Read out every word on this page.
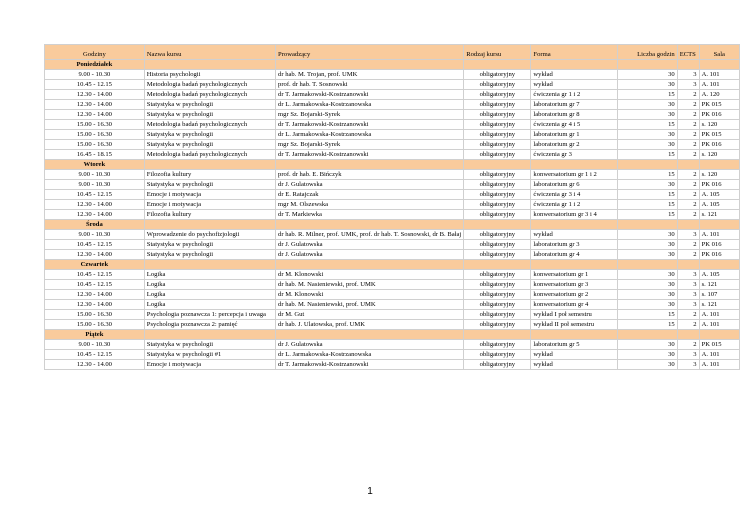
Godziny	Nazwa kursu	Prowadzący	Rodzaj kursu	Forma	Liczba godzin	ECTS	Sala
Poniedziałek							
9.00 - 10.30	Historia psychologii	dr hab. M. Trojan, prof. UMK	obligatoryjny	wykład	30	3	A. 101
10.45 - 12.15	Metodologia badań psychologicznych	prof. dr hab. T. Sosnowski	obligatoryjny	wykład	30	3	A. 101
12.30 - 14.00	Metodologia badań psychologicznych	dr T. Jarmakowski-Kostrzanowski	obligatoryjny	ćwiczenia gr 1 i 2	15	2	A. 120
12.30 - 14.00	Statystyka w psychologii	dr L. Jarmakowska-Kostrzanowska	obligatoryjny	laboratorium gr 7	30	2	PK 015
12.30 - 14.00	Statystyka w psychologii	mgr Sz. Bojarski-Syrek	obligatoryjny	laboratorium gr 8	30	2	PK 016
15.00 - 16.30	Metodologia badań psychologicznych	dr T. Jarmakowski-Kostrzanowski	obligatoryjny	ćwiczenia gr 4 i 5	15	2	s. 120
15.00 - 16.30	Statystyka w psychologii	dr L. Jarmakowska-Kostrzanowska	obligatoryjny	laboratorium gr 1	30	2	PK 015
15.00 - 16.30	Statystyka w psychologii	mgr Sz. Bojarski-Syrek	obligatoryjny	laboratorium gr 2	30	2	PK 016
16.45 - 18.15	Metodologia badań psychologicznych	dr T. Jarmakowski-Kostrzanowski	obligatoryjny	ćwiczenia gr 3	15	2	s. 120
Wtorek							
9.00 - 10.30	Filozofia kultury	prof. dr hab. E. Bińczyk	obligatoryjny	konwersatorium gr 1 i 2	15	2	s. 120
9.00 - 10.30	Statystyka w psychologii	dr J. Gulatowska	obligatoryjny	laboratorium gr 6	30	2	PK 016
10.45 - 12.15	Emocje i motywacja	dr E. Ratajczak	obligatoryjny	ćwiczenia gr 3 i 4	15	2	A. 105
12.30 - 14.00	Emocje i motywacja	mgr M. Olszewska	obligatoryjny	ćwiczenia gr 1 i 2	15	2	A. 105
12.30 - 14.00	Filozofia kultury	dr T. Markiewka	obligatoryjny	konwersatorium gr 3 i 4	15	2	s. 121
Środa							
9.00 - 10.30	Wprowadzenie do psychofizjologii	dr hab. R. Milner, prof. UMK, prof. dr hab. T. Sosnowski, dr B. Bałaj	obligatoryjny	wykład	30	3	A. 101
10.45 - 12.15	Statystyka w psychologii	dr J. Gulatowska	obligatoryjny	laboratorium gr 3	30	2	PK 016
12.30 - 14.00	Statystyka w psychologii	dr J. Gulatowska	obligatoryjny	laboratorium gr 4	30	2	PK 016
Czwartek							
10.45 - 12.15	Logika	dr M. Klonowski	obligatoryjny	konwersatorium gr 1	30	3	A. 105
10.45 - 12.15	Logika	dr hab. M. Nasieniewski, prof. UMK	obligatoryjny	konwersatorium gr 3	30	3	s. 121
12.30 - 14.00	Logika	dr M. Klonowski	obligatoryjny	konwersatorium gr 2	30	3	s. 107
12.30 - 14.00	Logika	dr hab. M. Nasieniewski, prof. UMK	obligatoryjny	konwersatorium gr 4	30	3	s. 121
15.00 - 16.30	Psychologia poznawcza 1: percepcja i uwaga	dr M. Gut	obligatoryjny	wykład I poł semestru	15	2	A. 101
15.00 - 16.30	Psychologia poznawcza 2: pamięć	dr hab. J. Ulatowska, prof. UMK	obligatoryjny	wykład II poł semestru	15	2	A. 101
Piątek							
9.00 - 10.30	Statystyka w psychologii	dr J. Gulatowska	obligatoryjny	laboratorium gr 5	30	2	PK 015
10.45 - 12.15	Statystyka w psychologii #1	dr L. Jarmakowska-Kostrzanowska	obligatoryjny	wykład	30	3	A. 101
12.30 - 14.00	Emocje i motywacja	dr T. Jarmakowski-Kostrzanowski	obligatoryjny	wykład	30	3	A. 101
1
